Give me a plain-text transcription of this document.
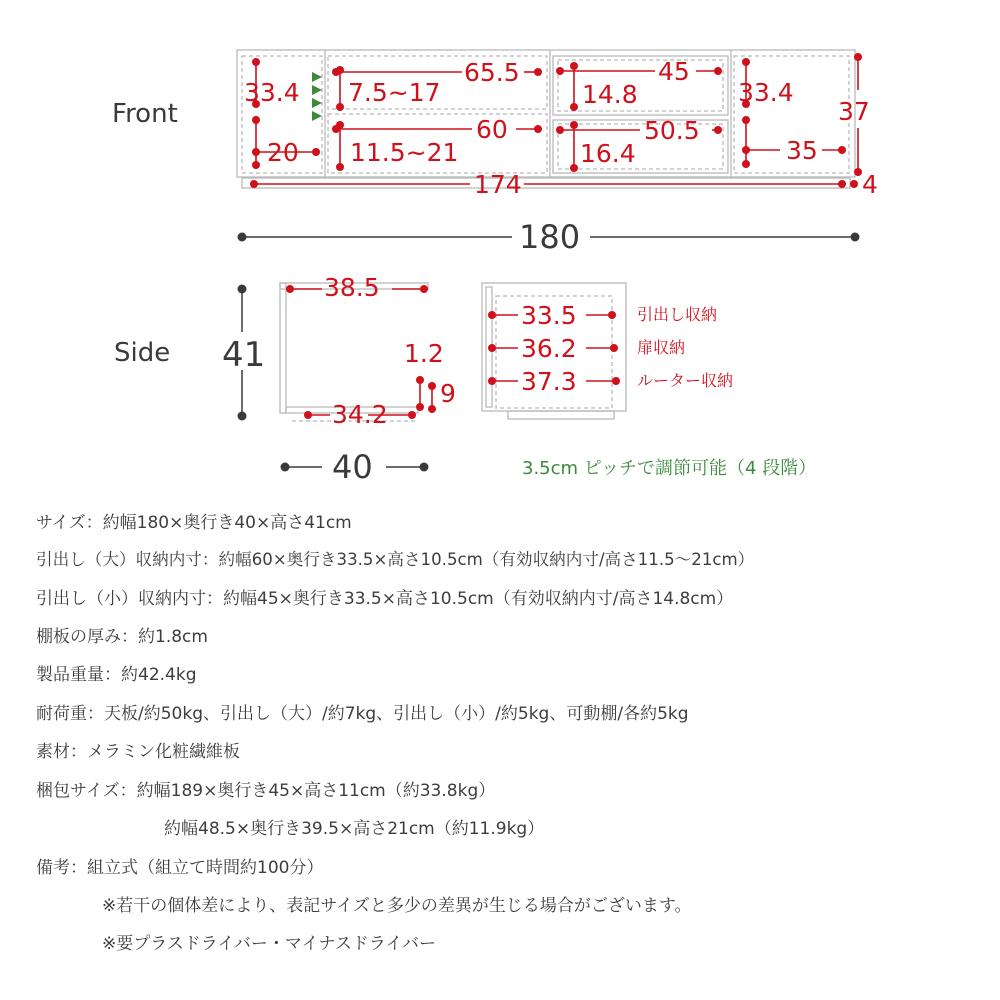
Front
33.4
20
7.5~17
65.5
60
11.5~21
45
14.8
50.5
16.4
33.4
35
37
174	4
180
Side 41
38.5
1.2
9
34.2
40
33.5
36.2
37.3
引出し収納
扉収納
ルーター収納
3.5cm ピッチで調節可能（4 段階）
サイズ：約幅180×奥行き40×高さ41cm
引出し（大）収納内寸：約幅60×奥行き33.5×高さ10.5cm（有効収納内寸/高さ11.5～21cm）
引出し（小）収納内寸：約幅45×奥行き33.5×高さ10.5cm（有効収納内寸/高さ14.8cm）
棚板の厚み：約1.8cm
製品重量：約42.4kg
耐荷重：天板/約50kg、引出し（大）/約7kg、引出し（小）/約5kg、可動棚/各約5kg
素材：メラミン化粧繊維板
梱包サイズ：約幅189×奥行き45×高さ11cm（約33.8kg）
約幅48.5×奥行き39.5×高さ21cm（約11.9kg）
備考：組立式（組立て時間約100分）
※若干の個体差により、表記サイズと多少の差異が生じる場合がございます。
※要プラスドライバー・マイナスドライバー
